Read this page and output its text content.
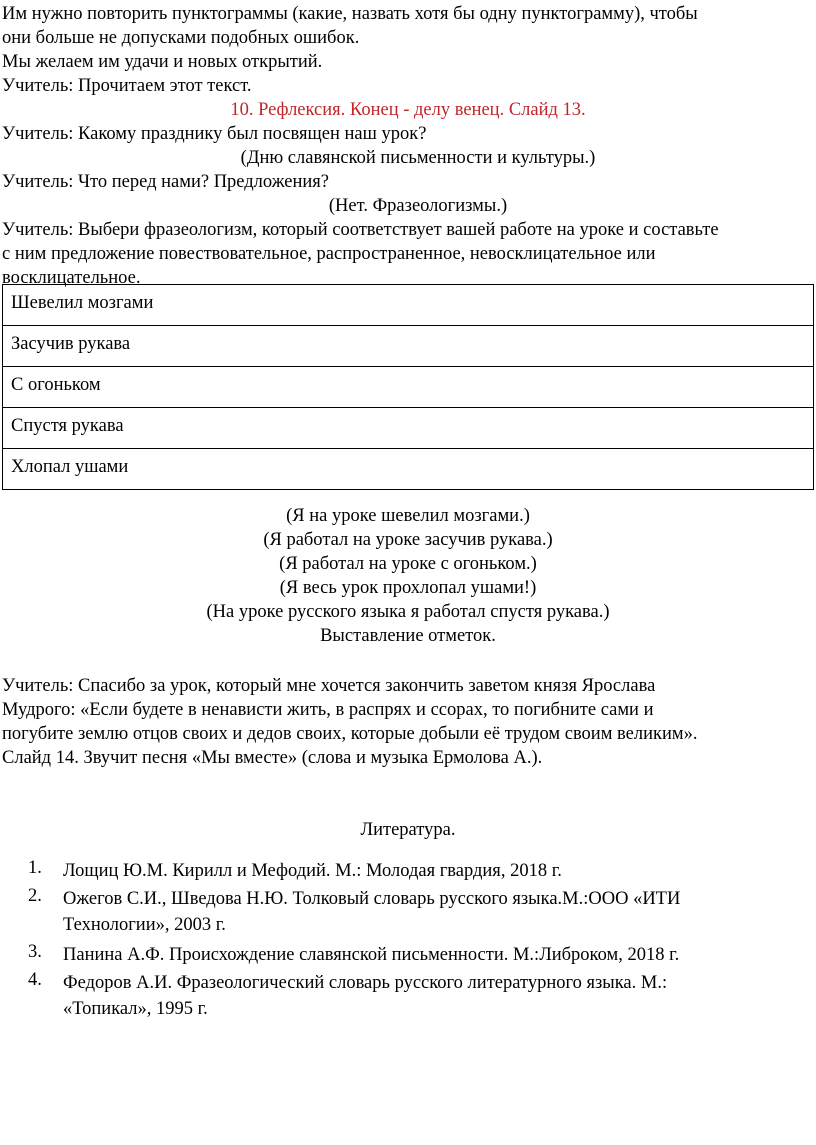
Им нужно повторить пунктограммы (какие, назвать хотя бы одну пунктограмму), чтобы
они больше не допусками подобных ошибок.
Мы желаем им удачи и новых открытий.
Учитель: Прочитаем этот текст.
10. Рефлексия. Конец - делу венец. Слайд 13.
Учитель: Какому празднику был посвящен наш урок?
(Дню славянской письменности и культуры.)
Учитель: Что перед нами? Предложения?
(Нет. Фразеологизмы.)
Учитель: Выбери фразеологизм, который соответствует вашей работе на уроке и составьте
с ним предложение повествовательное, распространенное, невосклицательное или
восклицательное.
Шевелил мозгами
Засучив рукава
С огоньком
Спустя рукава
Хлопал ушами
(Я на уроке шевелил мозгами.)
(Я работал на уроке засучив рукава.)
(Я работал на уроке с огоньком.)
(Я весь урок прохлопал ушами!)
(На уроке русского языка я работал спустя рукава.)
Выставление отметок.
Учитель: Спасибо за урок, который мне хочется закончить заветом князя Ярослава
Мудрого: «Если будете в ненависти жить, в распрях и ссорах, то погибните сами и
погубите землю отцов своих и дедов своих, которые добыли её трудом своим великим».
Слайд 14. Звучит песня «Мы вместе» (слова и музыка Ермолова А.).
Литература.
1.	Лощиц Ю.М. Кирилл и Мефодий. М.: Молодая гвардия, 2018 г.
2.	Ожегов С.И., Шведова Н.Ю. Толковый словарь русского языка.М.:ООО «ИТИ
Технологии», 2003 г.
3.	Панина А.Ф. Происхождение славянской письменности. М.:Либроком, 2018 г.
4.	Федоров А.И. Фразеологический словарь русского литературного языка. М.:
«Топикал», 1995 г.
